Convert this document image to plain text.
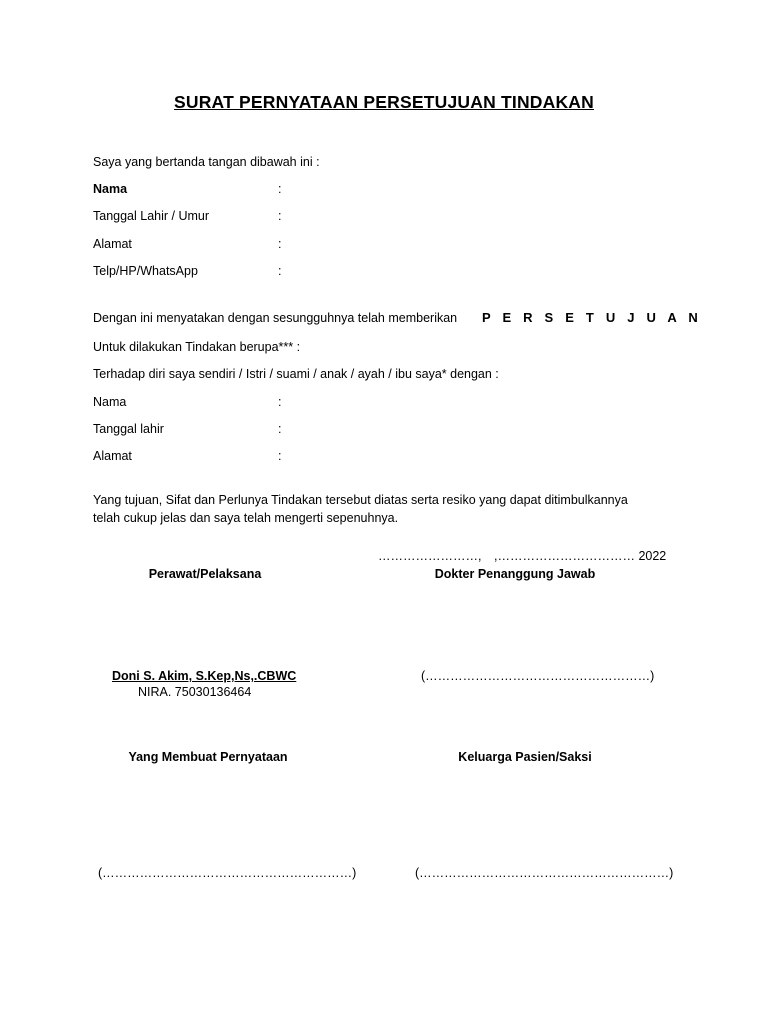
SURAT PERNYATAAN PERSETUJUAN TINDAKAN
Saya yang bertanda tangan dibawah ini :
Nama	:
Tanggal Lahir / Umur	:
Alamat	:
Telp/HP/WhatsApp	:
Dengan ini menyatakan dengan sesungguhnya telah memberikan P E R S E T U J U A N
Untuk dilakukan Tindakan berupa*** :
Terhadap diri saya sendiri / Istri / suami / anak / ayah / ibu saya* dengan :
Nama	:
Tanggal lahir	:
Alamat	:
Yang tujuan, Sifat dan Perlunya Tindakan tersebut diatas serta resiko yang dapat ditimbulkannya
telah cukup jelas dan saya telah mengerti sepenuhnya.
……………………, ,…………………………… 2022
Perawat/Pelaksana	Dokter Penanggung Jawab
Doni S. Akim, S.Kep,Ns,.CBWC
NIRA. 75030136464
(………………………………………………)
Yang Membuat Pernyataan	Keluarga Pasien/Saksi
(……………………………………………………)	(……………………………………………………)
